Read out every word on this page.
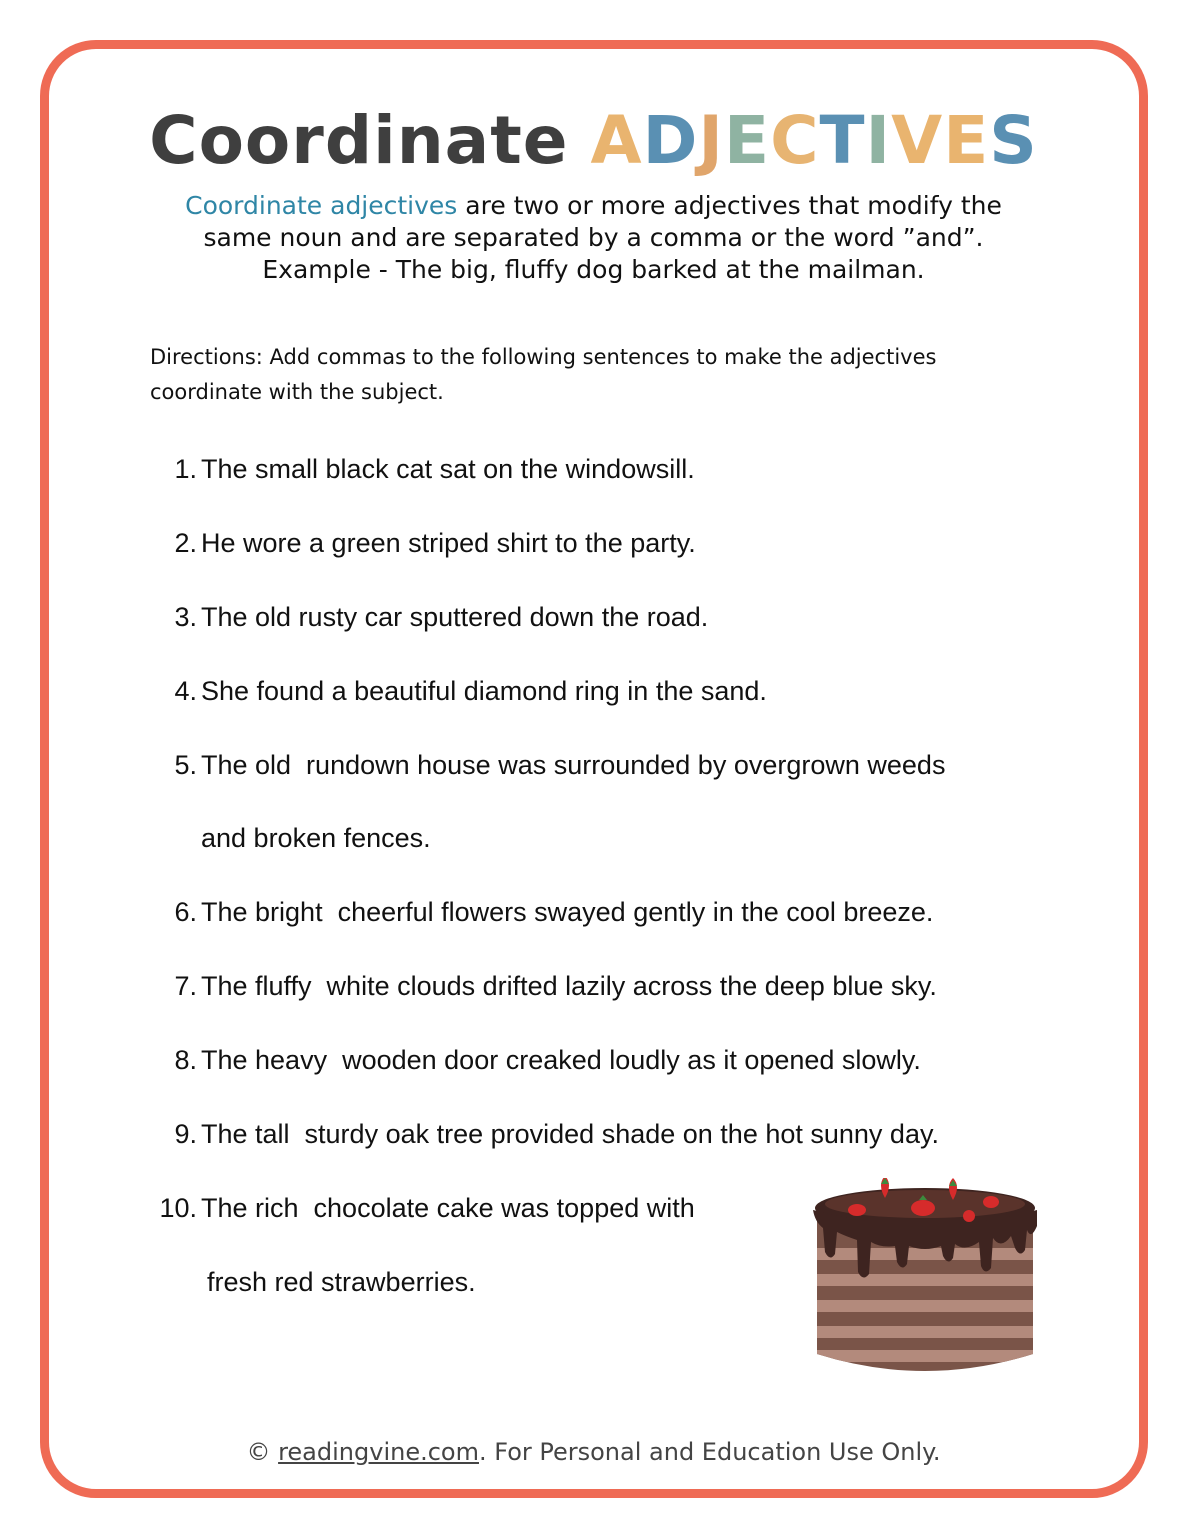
Coordinate ADJECTIVES
Coordinate adjectives are two or more adjectives that modify the
same noun and are separated by a comma or the word ”and”.
Example - The big, fluffy dog barked at the mailman.
Directions: Add commas to the following sentences to make the adjectives
coordinate with the subject.
1. The small black cat sat on the windowsill.
2. He wore a green striped shirt to the party.
3. The old rusty car sputtered down the road.
4. She found a beautiful diamond ring in the sand.
5. The old  rundown house was surrounded by overgrown weeds
and broken fences.
6. The bright  cheerful flowers swayed gently in the cool breeze.
7. The fluffy  white clouds drifted lazily across the deep blue sky.
8. The heavy  wooden door creaked loudly as it opened slowly.
9. The tall  sturdy oak tree provided shade on the hot sunny day.
10. The rich  chocolate cake was topped with
fresh red strawberries.
© readingvine.com. For Personal and Education Use Only.
